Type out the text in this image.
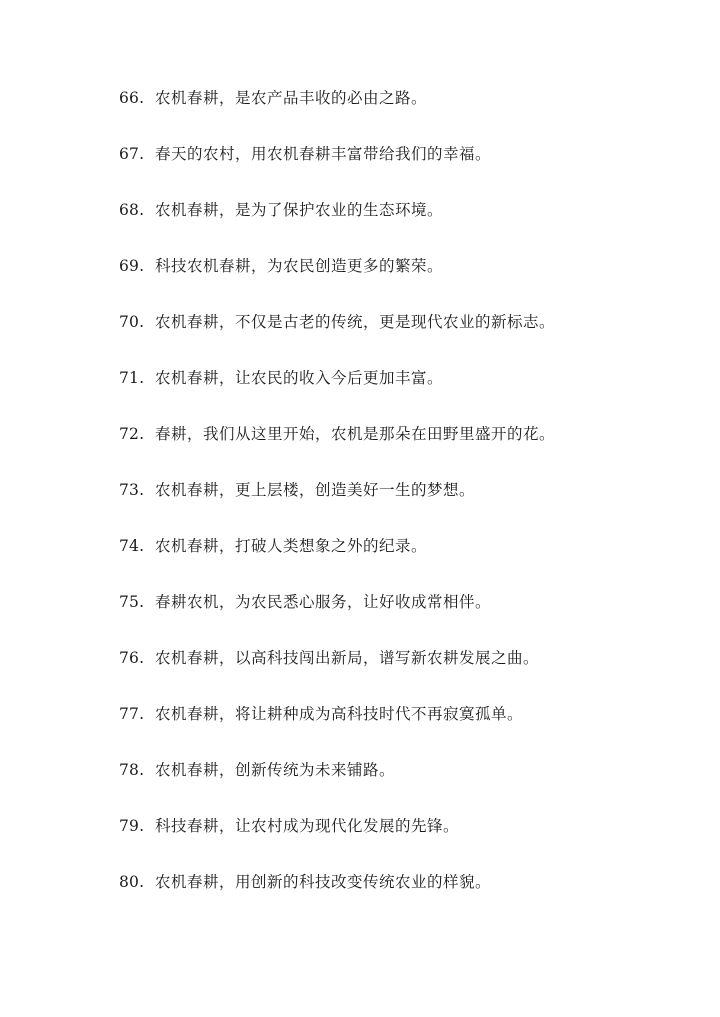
66. 农机春耕，是农产品丰收的必由之路。
67. 春天的农村，用农机春耕丰富带给我们的幸福。
68. 农机春耕，是为了保护农业的生态环境。
69. 科技农机春耕，为农民创造更多的繁荣。
70. 农机春耕，不仅是古老的传统，更是现代农业的新标志。
71. 农机春耕，让农民的收入今后更加丰富。
72. 春耕，我们从这里开始，农机是那朵在田野里盛开的花。
73. 农机春耕，更上层楼，创造美好一生的梦想。
74. 农机春耕，打破人类想象之外的纪录。
75. 春耕农机，为农民悉心服务，让好收成常相伴。
76. 农机春耕，以高科技闯出新局，谱写新农耕发展之曲。
77. 农机春耕，将让耕种成为高科技时代不再寂寞孤单。
78. 农机春耕，创新传统为未来铺路。
79. 科技春耕，让农村成为现代化发展的先锋。
80. 农机春耕，用创新的科技改变传统农业的样貌。
